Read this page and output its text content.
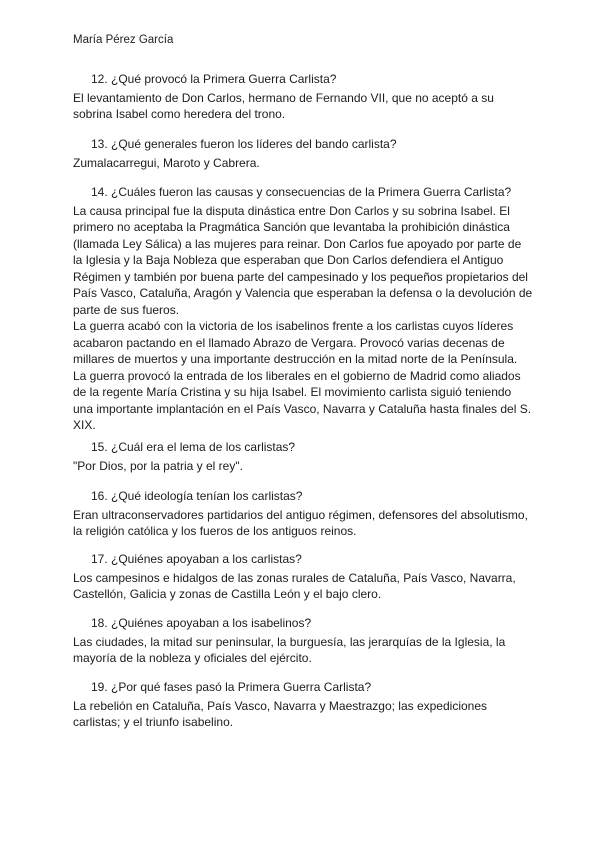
María Pérez García
12. ¿Qué provocó la Primera Guerra Carlista?

El levantamiento de Don Carlos, hermano de Fernando VII, que no aceptó a su sobrina Isabel como heredera del trono.

13. ¿Qué generales fueron los líderes del bando carlista?

Zumalacarregui, Maroto y Cabrera.

14. ¿Cuáles fueron las causas y consecuencias de la Primera Guerra Carlista?

La causa principal fue la disputa dinástica entre Don Carlos y su sobrina Isabel. El primero no aceptaba la Pragmática Sanción que levantaba la prohibición dinástica (llamada Ley Sálica) a las mujeres para reinar. Don Carlos fue apoyado por parte de la Iglesia y la Baja Nobleza que esperaban que Don Carlos defendiera el Antiguo Régimen y también por buena parte del campesinado y los pequeños propietarios del País Vasco, Cataluña, Aragón y Valencia que esperaban la defensa o la devolución de parte de sus fueros.

La guerra acabó con la victoria de los isabelinos frente a los carlistas cuyos líderes acabaron pactando en el llamado Abrazo de Vergara. Provocó varias decenas de millares de muertos y una importante destrucción en la mitad norte de la Península. La guerra provocó la entrada de los liberales en el gobierno de Madrid como aliados de la regente María Cristina y su hija Isabel. El movimiento carlista siguió teniendo una importante implantación en el País Vasco, Navarra y Cataluña hasta finales del S. XIX.

15. ¿Cuál era el lema de los carlistas?

"Por Dios, por la patria y el rey".

16. ¿Qué ideología tenían los carlistas?

Eran ultraconservadores partidarios del antiguo régimen, defensores del absolutismo, la religión católica y los fueros de los antiguos reinos.

17. ¿Quiénes apoyaban a los carlistas?

Los campesinos e hidalgos de las zonas rurales de Cataluña, País Vasco, Navarra, Castellón, Galicia y zonas de Castilla León y el bajo clero.

18. ¿Quiénes apoyaban a los isabelinos?

Las ciudades, la mitad sur peninsular, la burguesía, las jerarquías de la Iglesia, la mayoría de la nobleza y oficiales del ejército.

19. ¿Por qué fases pasó la Primera Guerra Carlista?

La rebelión en Cataluña, País Vasco, Navarra y Maestrazgo; las expediciones carlistas; y el triunfo isabelino.
